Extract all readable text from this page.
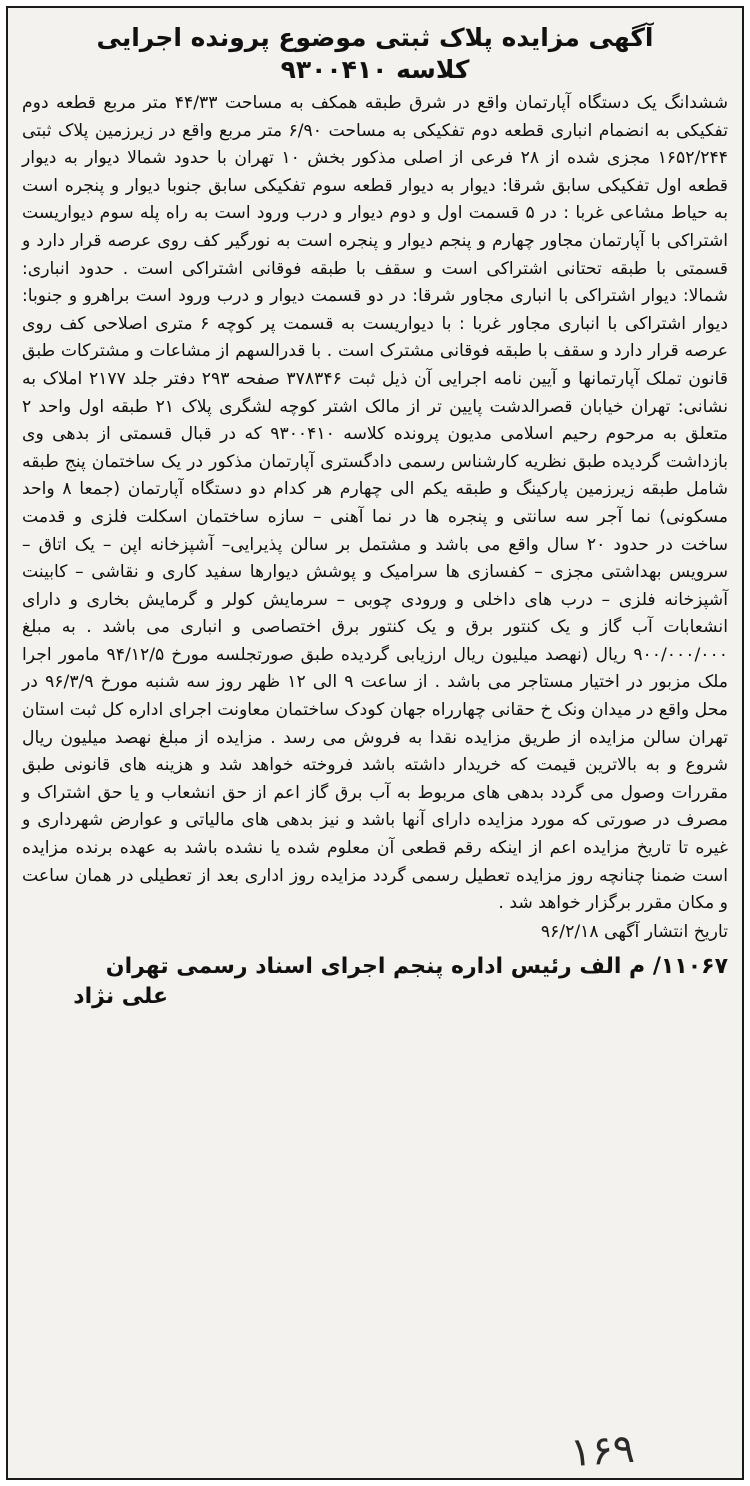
آگهی مزایده پلاک ثبتی موضوع پرونده اجرایی
کلاسه ۹۳۰۰۴۱۰

ششدانگ یک دستگاه آپارتمان واقع در شرق طبقه همکف به مساحت ۴۴/۳۳ متر مربع قطعه دوم تفکیکی به انضمام انباری قطعه دوم تفکیکی به مساحت ۶/۹۰ متر مربع واقع در زیرزمین پلاک ثبتی ۱۶۵۲/۲۴۴ مجزی شده از ۲۸ فرعی از اصلی مذکور بخش ۱۰ تهران با حدود شمالا دیوار به دیوار قطعه اول تفکیکی سابق شرقا: دیوار به دیوار قطعه سوم تفکیکی سابق جنوبا دیوار و پنجره است به حیاط مشاعی غربا : در ۵ قسمت اول و دوم دیوار و درب ورود است به راه پله سوم دیواریست اشتراکی با آپارتمان مجاور چهارم و پنجم دیوار و پنجره است به نورگیر کف روی عرصه قرار دارد و قسمتی با طبقه تحتانی اشتراکی است و سقف با طبقه فوقانی اشتراکی است . حدود انباری: شمالا: دیوار اشتراکی با انباری مجاور شرقا: در دو قسمت دیوار و درب ورود است براهرو و جنوبا: دیوار اشتراکی با انباری مجاور غربا : با دیواریست به قسمت پر کوچه ۶ متری اصلاحی کف روی عرصه قرار دارد و سقف با طبقه فوقانی مشترک است . با قدرالسهم از مشاعات و مشترکات طبق قانون تملک آپارتمانها و آیین نامه اجرایی آن ذیل ثبت ۳۷۸۳۴۶ صفحه ۲۹۳ دفتر جلد ۲۱۷۷ املاک به نشانی: تهران خیابان قصرالدشت پایین تر از مالک اشتر کوچه لشگری پلاک ۲۱ طبقه اول واحد ۲ متعلق به مرحوم رحیم اسلامی مدیون پرونده کلاسه ۹۳۰۰۴۱۰ که در قبال قسمتی از بدهی وی بازداشت گردیده طبق نظریه کارشناس رسمی دادگستری آپارتمان مذکور در یک ساختمان پنج طبقه شامل طبقه زیرزمین پارکینگ و طبقه یکم الی چهارم هر کدام دو دستگاه آپارتمان (جمعا ۸ واحد مسکونی) نما آجر سه سانتی و پنجره ها در نما آهنی – سازه ساختمان اسکلت فلزی و قدمت ساخت در حدود ۲۰ سال واقع می باشد و مشتمل بر سالن پذیرایی– آشپزخانه اپن – یک اتاق – سرویس بهداشتی مجزی – کفسازی ها سرامیک و پوشش دیوارها سفید کاری و نقاشی – کابینت آشپزخانه فلزی – درب های داخلی و ورودی چوبی – سرمایش کولر و گرمایش بخاری و دارای انشعابات آب گاز و یک کنتور برق و یک کنتور برق اختصاصی و انباری می باشد . به مبلغ ۹۰۰/۰۰۰/۰۰۰ ریال (نهصد میلیون ریال ارزیابی گردیده طبق صورتجلسه مورخ ۹۴/۱۲/۵ مامور اجرا ملک مزبور در اختیار مستاجر می باشد . از ساعت ۹ الی ۱۲ ظهر روز سه شنبه مورخ ۹۶/۳/۹ در محل واقع در میدان ونک خ حقانی چهارراه جهان کودک ساختمان معاونت اجرای اداره کل ثبت استان تهران سالن مزایده از طریق مزایده نقدا به فروش می رسد . مزایده از مبلغ نهصد میلیون ریال شروع و به بالاترین قیمت که خریدار داشته باشد فروخته خواهد شد و هزینه های قانونی طبق مقررات وصول می گردد بدهی های مربوط به آب برق گاز اعم از حق انشعاب و یا حق اشتراک و مصرف در صورتی که مورد مزایده دارای آنها باشد و نیز بدهی های مالیاتی و عوارض شهرداری و غیره تا تاریخ مزایده اعم از اینکه رقم قطعی آن معلوم شده یا نشده باشد به عهده برنده مزایده است ضمنا چنانچه روز مزایده تعطیل رسمی گردد مزایده روز اداری بعد از تعطیلی در همان ساعت و مکان مقرر برگزار خواهد شد .

تاریخ انتشار آگهی ۹۶/۲/۱۸
۱۱۰۶۷/ م الف رئیس اداره پنجم اجرای اسناد رسمی تهران
علی نژاد
۱۶۹
